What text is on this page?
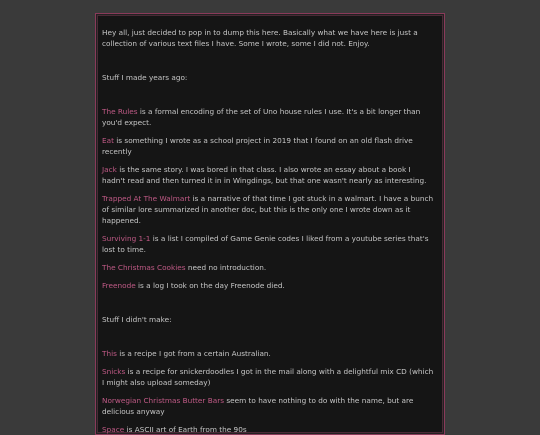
Hey all, just decided to pop in to dump this here. Basically what we have here is just a collection of various text files I have. Some I wrote, some I did not. Enjoy.

Stuff I made years ago:

The Rules is a formal encoding of the set of Uno house rules I use. It's a bit longer than you'd expect.

Eat is something I wrote as a school project in 2019 that I found on an old flash drive recently

Jack is the same story. I was bored in that class. I also wrote an essay about a book I hadn't read and then turned it in in Wingdings, but that one wasn't nearly as interesting.

Trapped At The Walmart is a narrative of that time I got stuck in a walmart. I have a bunch of similar lore summarized in another doc, but this is the only one I wrote down as it happened.

Surviving 1-1 is a list I compiled of Game Genie codes I liked from a youtube series that's lost to time.

The Christmas Cookies need no introduction.

Freenode is a log I took on the day Freenode died.

Stuff I didn't make:

This is a recipe I got from a certain Australian.

Snicks is a recipe for snickerdoodles I got in the mail along with a delightful mix CD (which I might also upload someday)

Norwegian Christmas Butter Bars seem to have nothing to do with the name, but are delicious anyway

Space is ASCII art of Earth from the 90s
